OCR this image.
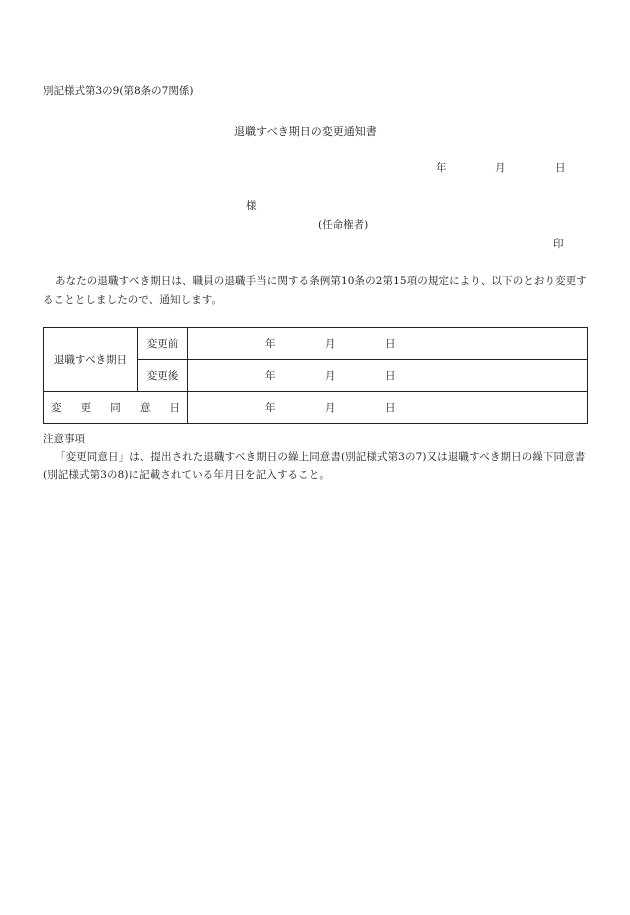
別記様式第3の9(第8条の7関係)
退職すべき期日の変更通知書
年	月	日
様
(任命権者)
印
あなたの退職すべき期日は、職員の退職手当に関する条例第10条の2第15項の規定により、以下のとおり変更することとしましたので、通知します。
退職すべき期日	変更前	年 月 日

	変更後	年 月 日

変更同意日		年 月 日
注意事項
「変更同意日」は、提出された退職すべき期日の繰上同意書(別記様式第3の7)又は退職すべき期日の繰下同意書(別記様式第3の8)に記載されている年月日を記入すること。
